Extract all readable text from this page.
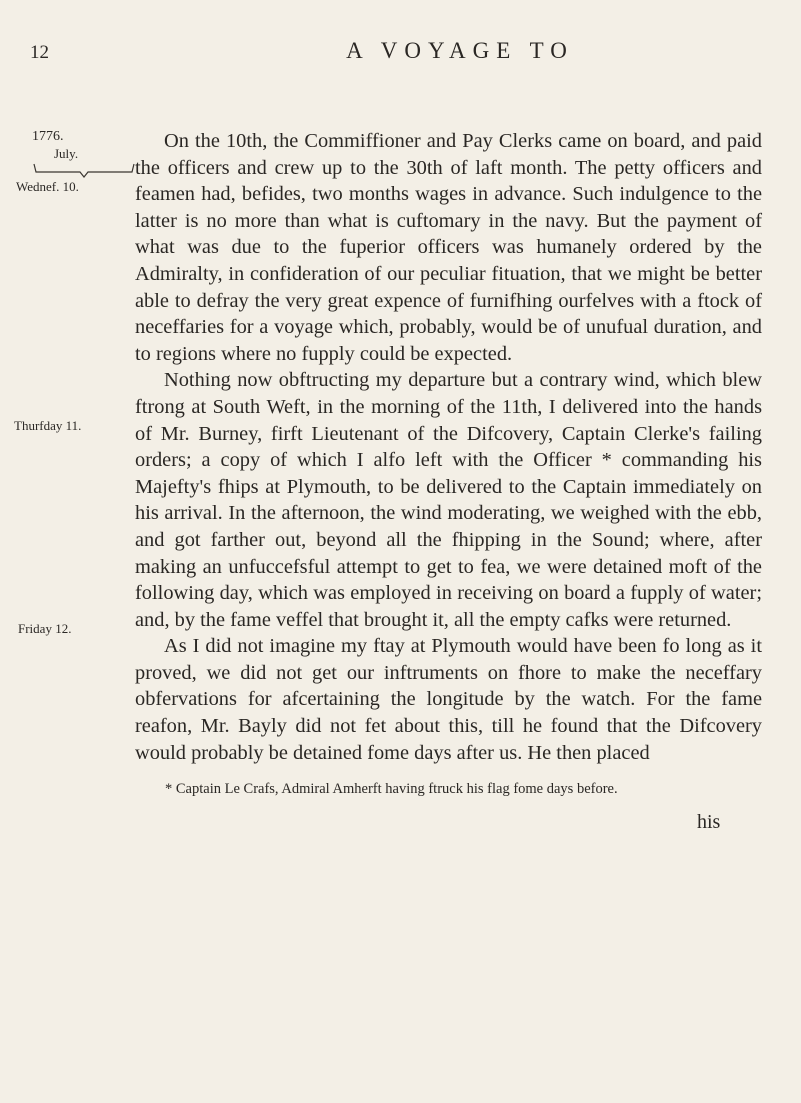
12	A VOYAGE TO
1776.
July.
Wednef. 10.
Thurfday 11.
Friday 12.

On the 10th, the Commiffioner and Pay Clerks came on board, and paid the officers and crew up to the 30th of laft month. The petty officers and feamen had, befides, two months wages in advance. Such indulgence to the latter is no more than what is cuftomary in the navy. But the payment of what was due to the fuperior officers was humanely ordered by the Admiralty, in confideration of our peculiar fituation, that we might be better able to defray the very great expence of furnifhing ourfelves with a ftock of neceffaries for a voyage which, probably, would be of unufual duration, and to regions where no fupply could be expected.

Nothing now obftructing my departure but a contrary wind, which blew ftrong at South Weft, in the morning of the 11th, I delivered into the hands of Mr. Burney, firft Lieutenant of the Difcovery, Captain Clerke's failing orders; a copy of which I alfo left with the Officer * commanding his Majefty's fhips at Plymouth, to be delivered to the Captain immediately on his arrival. In the afternoon, the wind moderating, we weighed with the ebb, and got farther out, beyond all the fhipping in the Sound; where, after making an unfuccefsful attempt to get to fea, we were detained moft of the following day, which was employed in receiving on board a fupply of water; and, by the fame veffel that brought it, all the empty cafks were returned.

As I did not imagine my ftay at Plymouth would have been fo long as it proved, we did not get our inftruments on fhore to make the neceffary obfervations for afcertaining the longitude by the watch. For the fame reafon, Mr. Bayly did not fet about this, till he found that the Difcovery would probably be detained fome days after us. He then placed

* Captain Le Crafs, Admiral Amherft having ftruck his flag fome days before.
his
